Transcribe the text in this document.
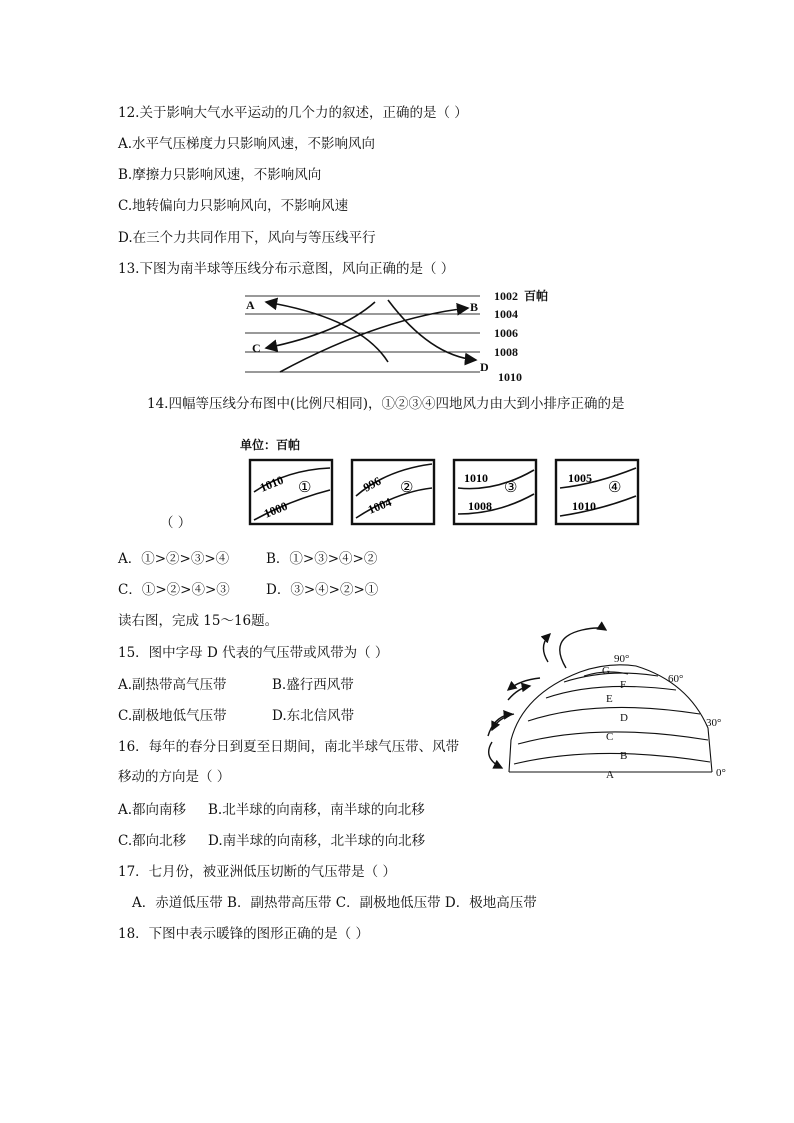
12.关于影响大气水平运动的几个力的叙述，正确的是（ ）
A.水平气压梯度力只影响风速，不影响风向
B.摩擦力只影响风速，不影响风向
C.地转偏向力只影响风向，不影响风速
D.在三个力共同作用下，风向与等压线平行
13.下图为南半球等压线分布示意图，风向正确的是（ ）
A	B
C
D
1002 百帕
1004
1006
1008
1010
14.四幅等压线分布图中(比例尺相同)，①②③④四地风力由大到小排序正确的是
单位：百帕
1010
1000
①	996
1004
②
1010
1008
③
1005
1010
④
（ ）
A．①>②>③>④	B．①>③>④>②
C．①>②>④>③	D．③>④>②>①
读右图，完成 15～16题。
15．图中字母 D 代表的气压带或风带为（ ）
A.副热带高气压带	B.盛行西风带
C.副极地低气压带	D.东北信风带
16．每年的春分日到夏至日期间，南北半球气压带、风带
移动的方向是（ ）
A.都向南移 B.北半球的向南移，南半球的向北移
C.都向北移 D.南半球的向南移，北半球的向北移
A
B
C
D
E
F
G
0°
30°
60°
90°
17．七月份，被亚洲低压切断的气压带是（ ）
A．赤道低压带 B．副热带高压带 C．副极地低压带 D．极地高压带
18．下图中表示暖锋的图形正确的是（ ）
